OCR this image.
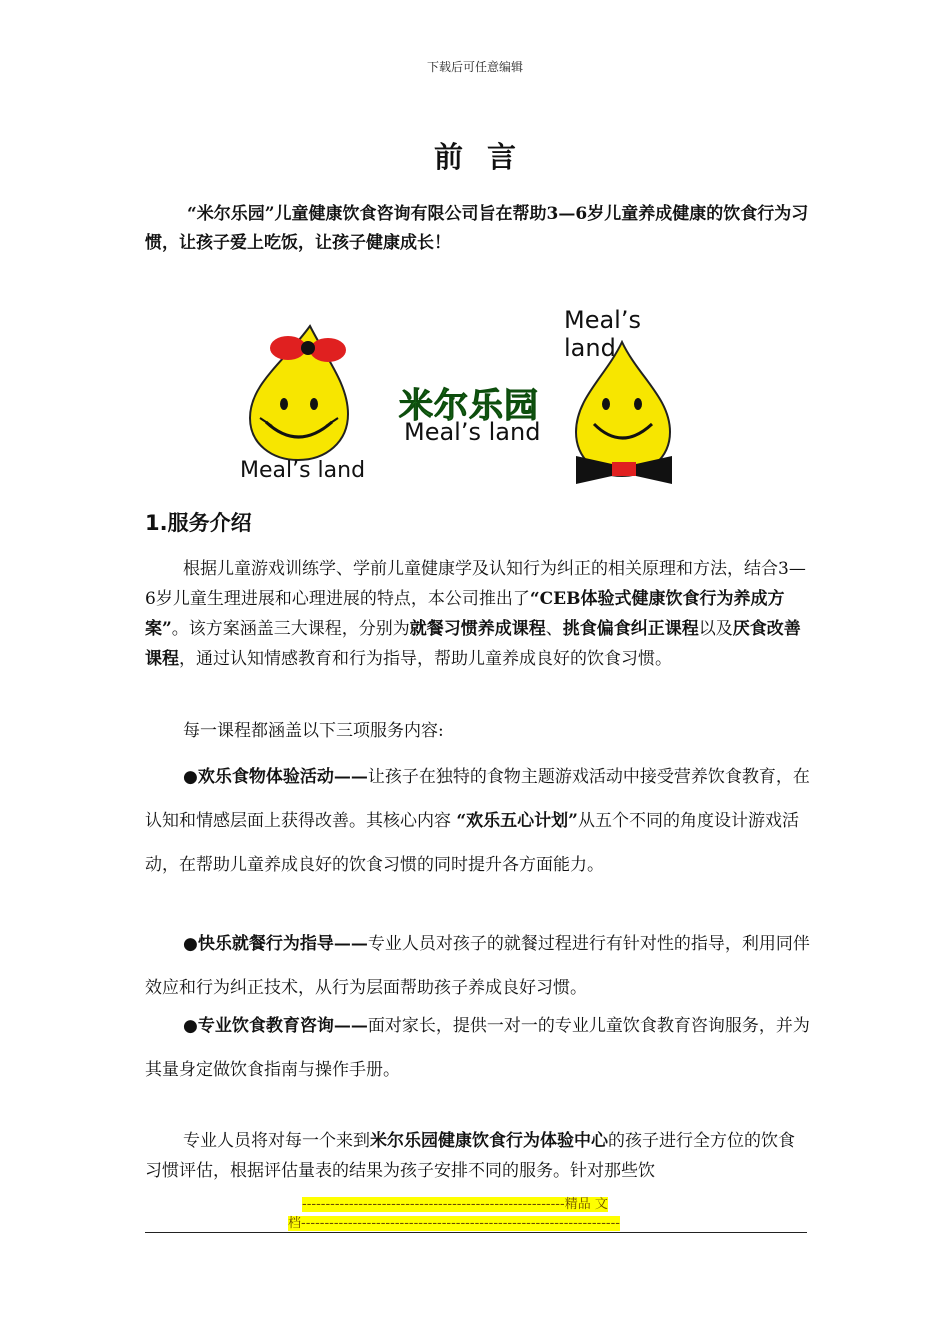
下载后可任意编辑
前言
“米尔乐园”儿童健康饮食咨询有限公司旨在帮助3—6岁儿童养成健康的饮食行为习惯，让孩子爱上吃饭，让孩子健康成长！
Meal’s land
米尔乐园
Meal’s land
Meal’s land
1.服务介绍
根据儿童游戏训练学、学前儿童健康学及认知行为纠正的相关原理和方法，结合3—6岁儿童生理进展和心理进展的特点，本公司推出了“CEB体验式健康饮食行为养成方案”。该方案涵盖三大课程，分别为就餐习惯养成课程、挑食偏食纠正课程以及厌食改善课程，通过认知情感教育和行为指导，帮助儿童养成良好的饮食习惯。
每一课程都涵盖以下三项服务内容:
●欢乐食物体验活动——让孩子在独特的食物主题游戏活动中接受营养饮食教育，在认知和情感层面上获得改善。其核心内容 “欢乐五心计划”从五个不同的角度设计游戏活动，在帮助儿童养成良好的饮食习惯的同时提升各方面能力。
●快乐就餐行为指导——专业人员对孩子的就餐过程进行有针对性的指导，利用同伴效应和行为纠正技术，从行为层面帮助孩子养成良好习惯。
●专业饮食教育咨询——面对家长，提供一对一的专业儿童饮食教育咨询服务，并为其量身定做饮食指南与操作手册。
专业人员将对每一个来到米尔乐园健康饮食行为体验中心的孩子进行全方位的饮食习惯评估，根据评估量表的结果为孩子安排不同的服务。针对那些饮
--------------------------------------------------------精品 文
档--------------------------------------------------------------------
